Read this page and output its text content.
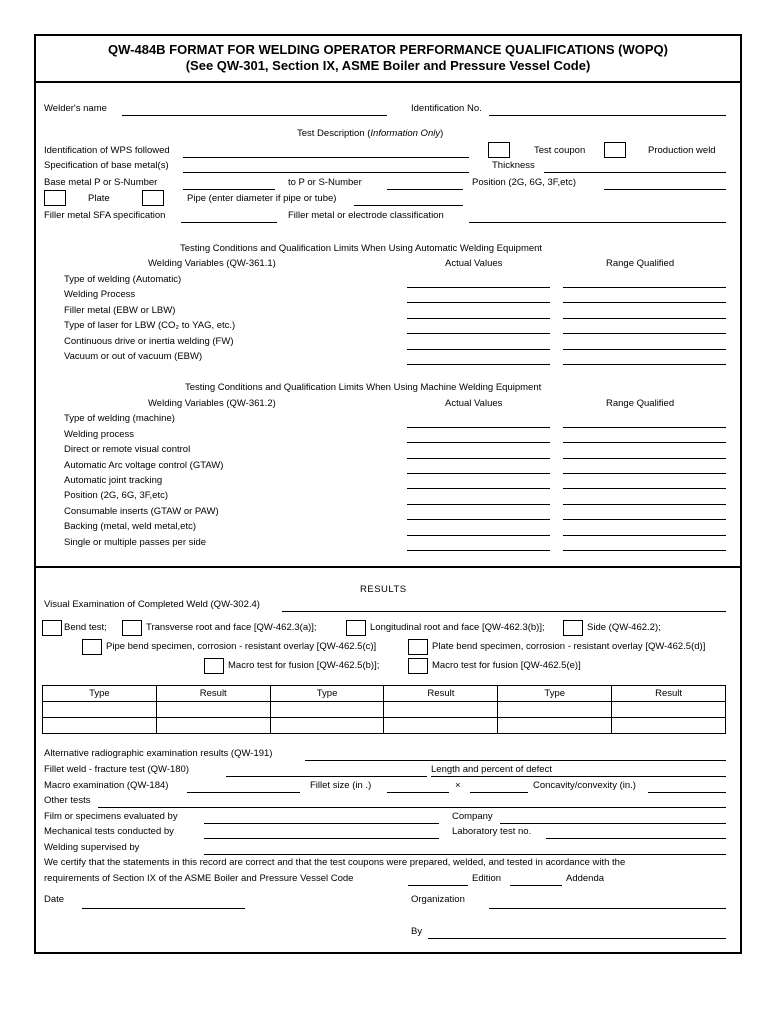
QW-484B FORMAT FOR WELDING OPERATOR PERFORMANCE QUALIFICATIONS (WOPQ)
(See QW-301, Section IX, ASME Boiler and Pressure Vessel Code)
Welder's name	Identification No.
Test Description (Information Only)
Identification of WPS followed	Test coupon	Production weld
Specification of base metal(s)	Thickness
Base metal P or S-Number	to P or S-Number	Position (2G, 6G, 3F,etc)
Plate	Pipe (enter diameter if pipe or tube)
Filler metal SFA specification	Filler metal or electrode classification
Testing Conditions and Qualification Limits When Using Automatic Welding Equipment
Welding Variables (QW-361.1)	Actual Values	Range Qualified
Type of welding (Automatic)
Welding Process
Filler metal (EBW or LBW)
Type of laser for LBW (CO₂ to YAG, etc.)
Continuous drive or inertia welding (FW)
Vacuum or out of vacuum (EBW)
Testing Conditions and Qualification Limits When Using Machine Welding Equipment
Welding Variables (QW-361.2)	Actual Values	Range Qualified
Type of welding (machine)
Welding process
Direct or remote visual control
Automatic Arc voltage control (GTAW)
Automatic joint tracking
Position (2G, 6G, 3F,etc)
Consumable inserts (GTAW or PAW)
Backing (metal, weld metal,etc)
Single or multiple passes per side
RESULTS
Visual Examination of Completed Weld (QW-302.4)
Bend test;	Transverse root and face [QW-462.3(a)];	Longitudinal root and face [QW-462.3(b)];	Side (QW-462.2);
Pipe bend specimen, corrosion - resistant overlay [QW-462.5(c)]	Plate bend specimen, corrosion - resistant overlay [QW-462.5(d)]
Macro test for fusion [QW-462.5(b)];	Macro test for fusion [QW-462.5(e)]
Type	Result	Type	Result	Type	Result

Alternative radiographic examination results (QW-191)
Fillet weld - fracture test (QW-180)	Length and percent of defect
Macro examination (QW-184)	Fillet size (in .)	×	Concavity/convexity (in.)
Other tests
Film or specimens evaluated by	Company
Mechanical tests conducted by	Laboratory test no.
Welding supervised by
We certify that the statements in this record are correct and that the test coupons were prepared, welded, and tested in acordance with the
requirements of Section IX of the ASME Boiler and Pressure Vessel Code	Edition	Addenda
Date	Organization
By
